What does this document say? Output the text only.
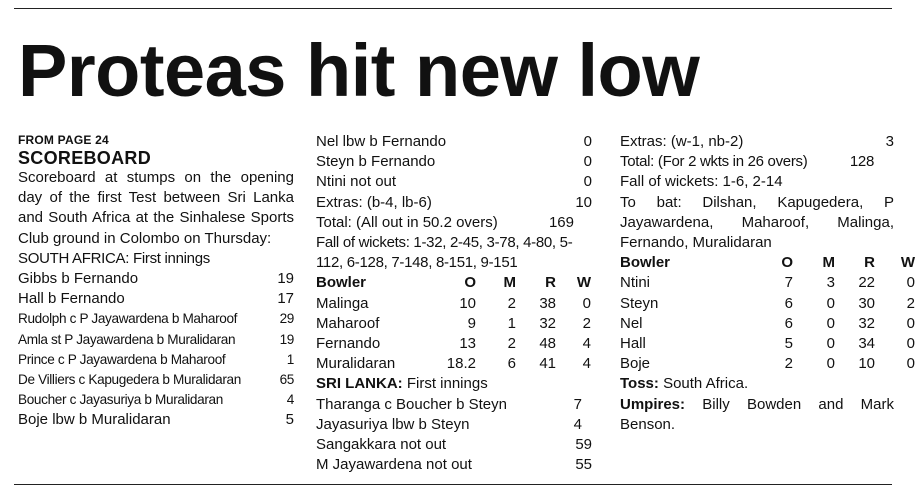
Proteas hit new low
FROM PAGE 24
SCOREBOARD
Scoreboard at stumps on the opening day of the first Test between Sri Lanka and South Africa at the Sinhalese Sports Club ground in Colombo on Thursday:
SOUTH AFRICA: First innings
Gibbs b Fernando	19
Hall b Fernando	17
Rudolph c P Jayawardena b Maharoof	29
Amla st P Jayawardena b Muralidaran	19
Prince c P Jayawardena b Maharoof	1
De Villiers c Kapugedera b Muralidaran	65
Boucher c Jayasuriya b Muralidaran	4
Boje lbw b Muralidaran	5
Nel lbw b Fernando	0
Steyn b Fernando	0
Ntini not out	0
Extras: (b-4, lb-6)	10
Total: (All out in 50.2 overs)	169
Fall of wickets: 1-32, 2-45, 3-78, 4-80, 5-112, 6-128, 7-148, 8-151, 9-151
Bowler	O	M	R	W
Malinga	10	2	38	0
Maharoof	9	1	32	2
Fernando	13	2	48	4
Muralidaran	18.2	6	41	4
SRI LANKA: First innings
Tharanga c Boucher b Steyn	7
Jayasuriya lbw b Steyn	4
Sangakkara not out	59
M Jayawardena not out	55
Extras: (w-1, nb-2)	3
Total: (For 2 wkts in 26 overs)	128
Fall of wickets: 1-6, 2-14
To bat: Dilshan, Kapugedera, P Jayawardena, Maharoof, Malinga, Fernando, Muralidaran
Bowler	O	M	R	W
Ntini	7	3	22	0
Steyn	6	0	30	2
Nel	6	0	32	0
Hall	5	0	34	0
Boje	2	0	10	0
Toss: South Africa.
Umpires: Billy Bowden and Mark Benson.
